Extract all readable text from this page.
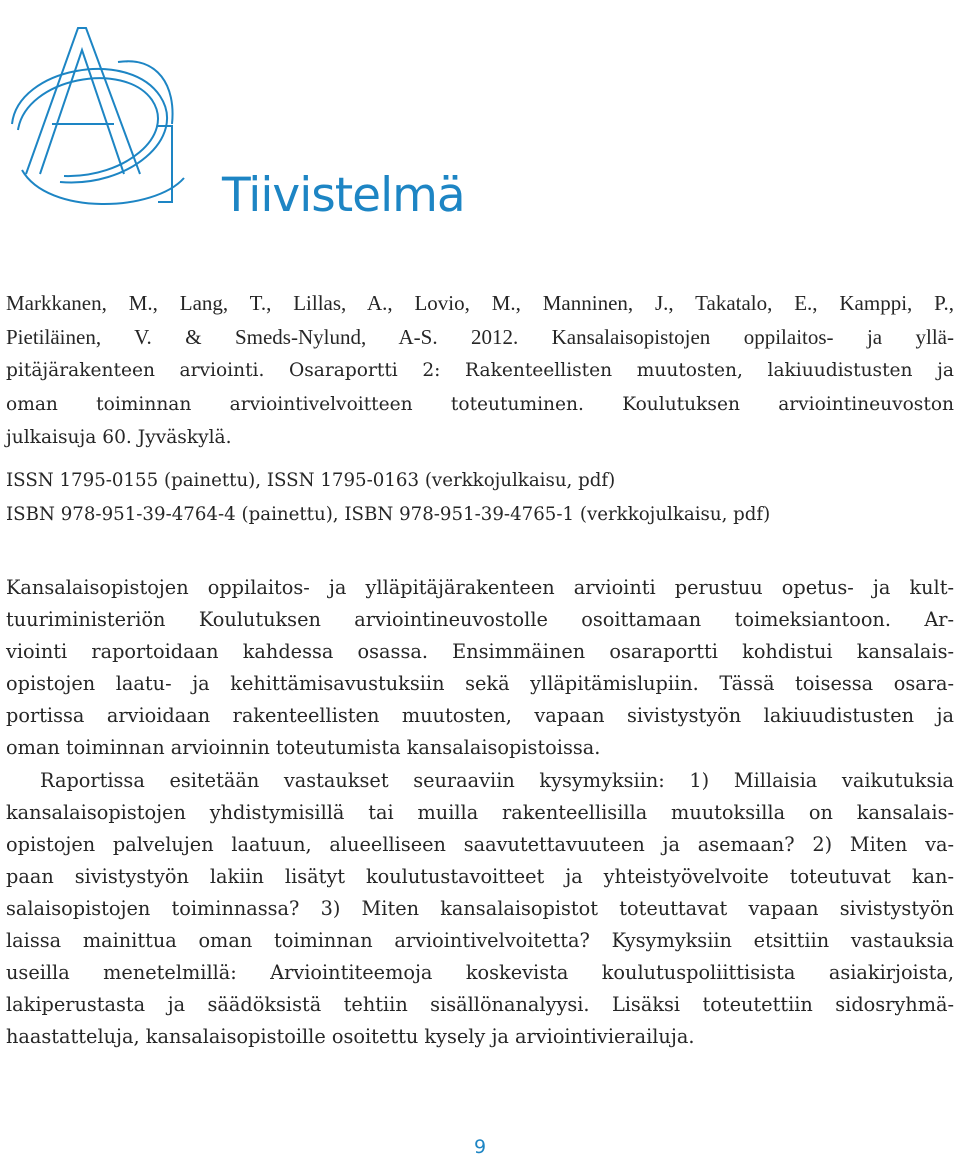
Tiivistelmä
Markkanen, M., Lang, T., Lillas, A., Lovio, M., Manninen, J., Takatalo, E., Kamppi, P.,
Pietiläinen, V. & Smeds-Nylund, A-S. 2012. Kansalaisopistojen oppilaitos- ja yllä-
pitäjärakenteen arviointi. Osaraportti 2: Rakenteellisten muutosten, lakiuudistusten ja
oman toiminnan arviointivelvoitteen toteutuminen. Koulutuksen arviointineuvoston
julkaisuja 60. Jyväskylä.
ISSN 1795-0155 (painettu), ISSN 1795-0163 (verkkojulkaisu, pdf)
ISBN 978-951-39-4764-4 (painettu), ISBN 978-951-39-4765-1 (verkkojulkaisu, pdf)
Kansalaisopistojen oppilaitos- ja ylläpitäjärakenteen arviointi perustuu opetus- ja kult-
tuuriministeriön Koulutuksen arviointineuvostolle osoittamaan toimeksiantoon. Ar-
viointi raportoidaan kahdessa osassa. Ensimmäinen osaraportti kohdistui kansalais-
opistojen laatu- ja kehittämisavustuksiin sekä ylläpitämislupiin. Tässä toisessa osara-
portissa arvioidaan rakenteellisten muutosten, vapaan sivistystyön lakiuudistusten ja
oman toiminnan arvioinnin toteutumista kansalaisopistoissa.
Raportissa esitetään vastaukset seuraaviin kysymyksiin: 1) Millaisia vaikutuksia
kansalaisopistojen yhdistymisillä tai muilla rakenteellisilla muutoksilla on kansalais-
opistojen palvelujen laatuun, alueelliseen saavutettavuuteen ja asemaan? 2) Miten va-
paan sivistystyön lakiin lisätyt koulutustavoitteet ja yhteistyövelvoite toteutuvat kan-
salaisopistojen toiminnassa? 3) Miten kansalaisopistot toteuttavat vapaan sivistystyön
laissa mainittua oman toiminnan arviointivelvoitetta? Kysymyksiin etsittiin vastauksia
useilla menetelmillä: Arviointiteemoja koskevista koulutuspoliittisista asiakirjoista,
lakiperustasta ja säädöksistä tehtiin sisällönanalyysi. Lisäksi toteutettiin sidosryhmä-
haastatteluja, kansalaisopistoille osoitettu kysely ja arviointivierailuja.
9
